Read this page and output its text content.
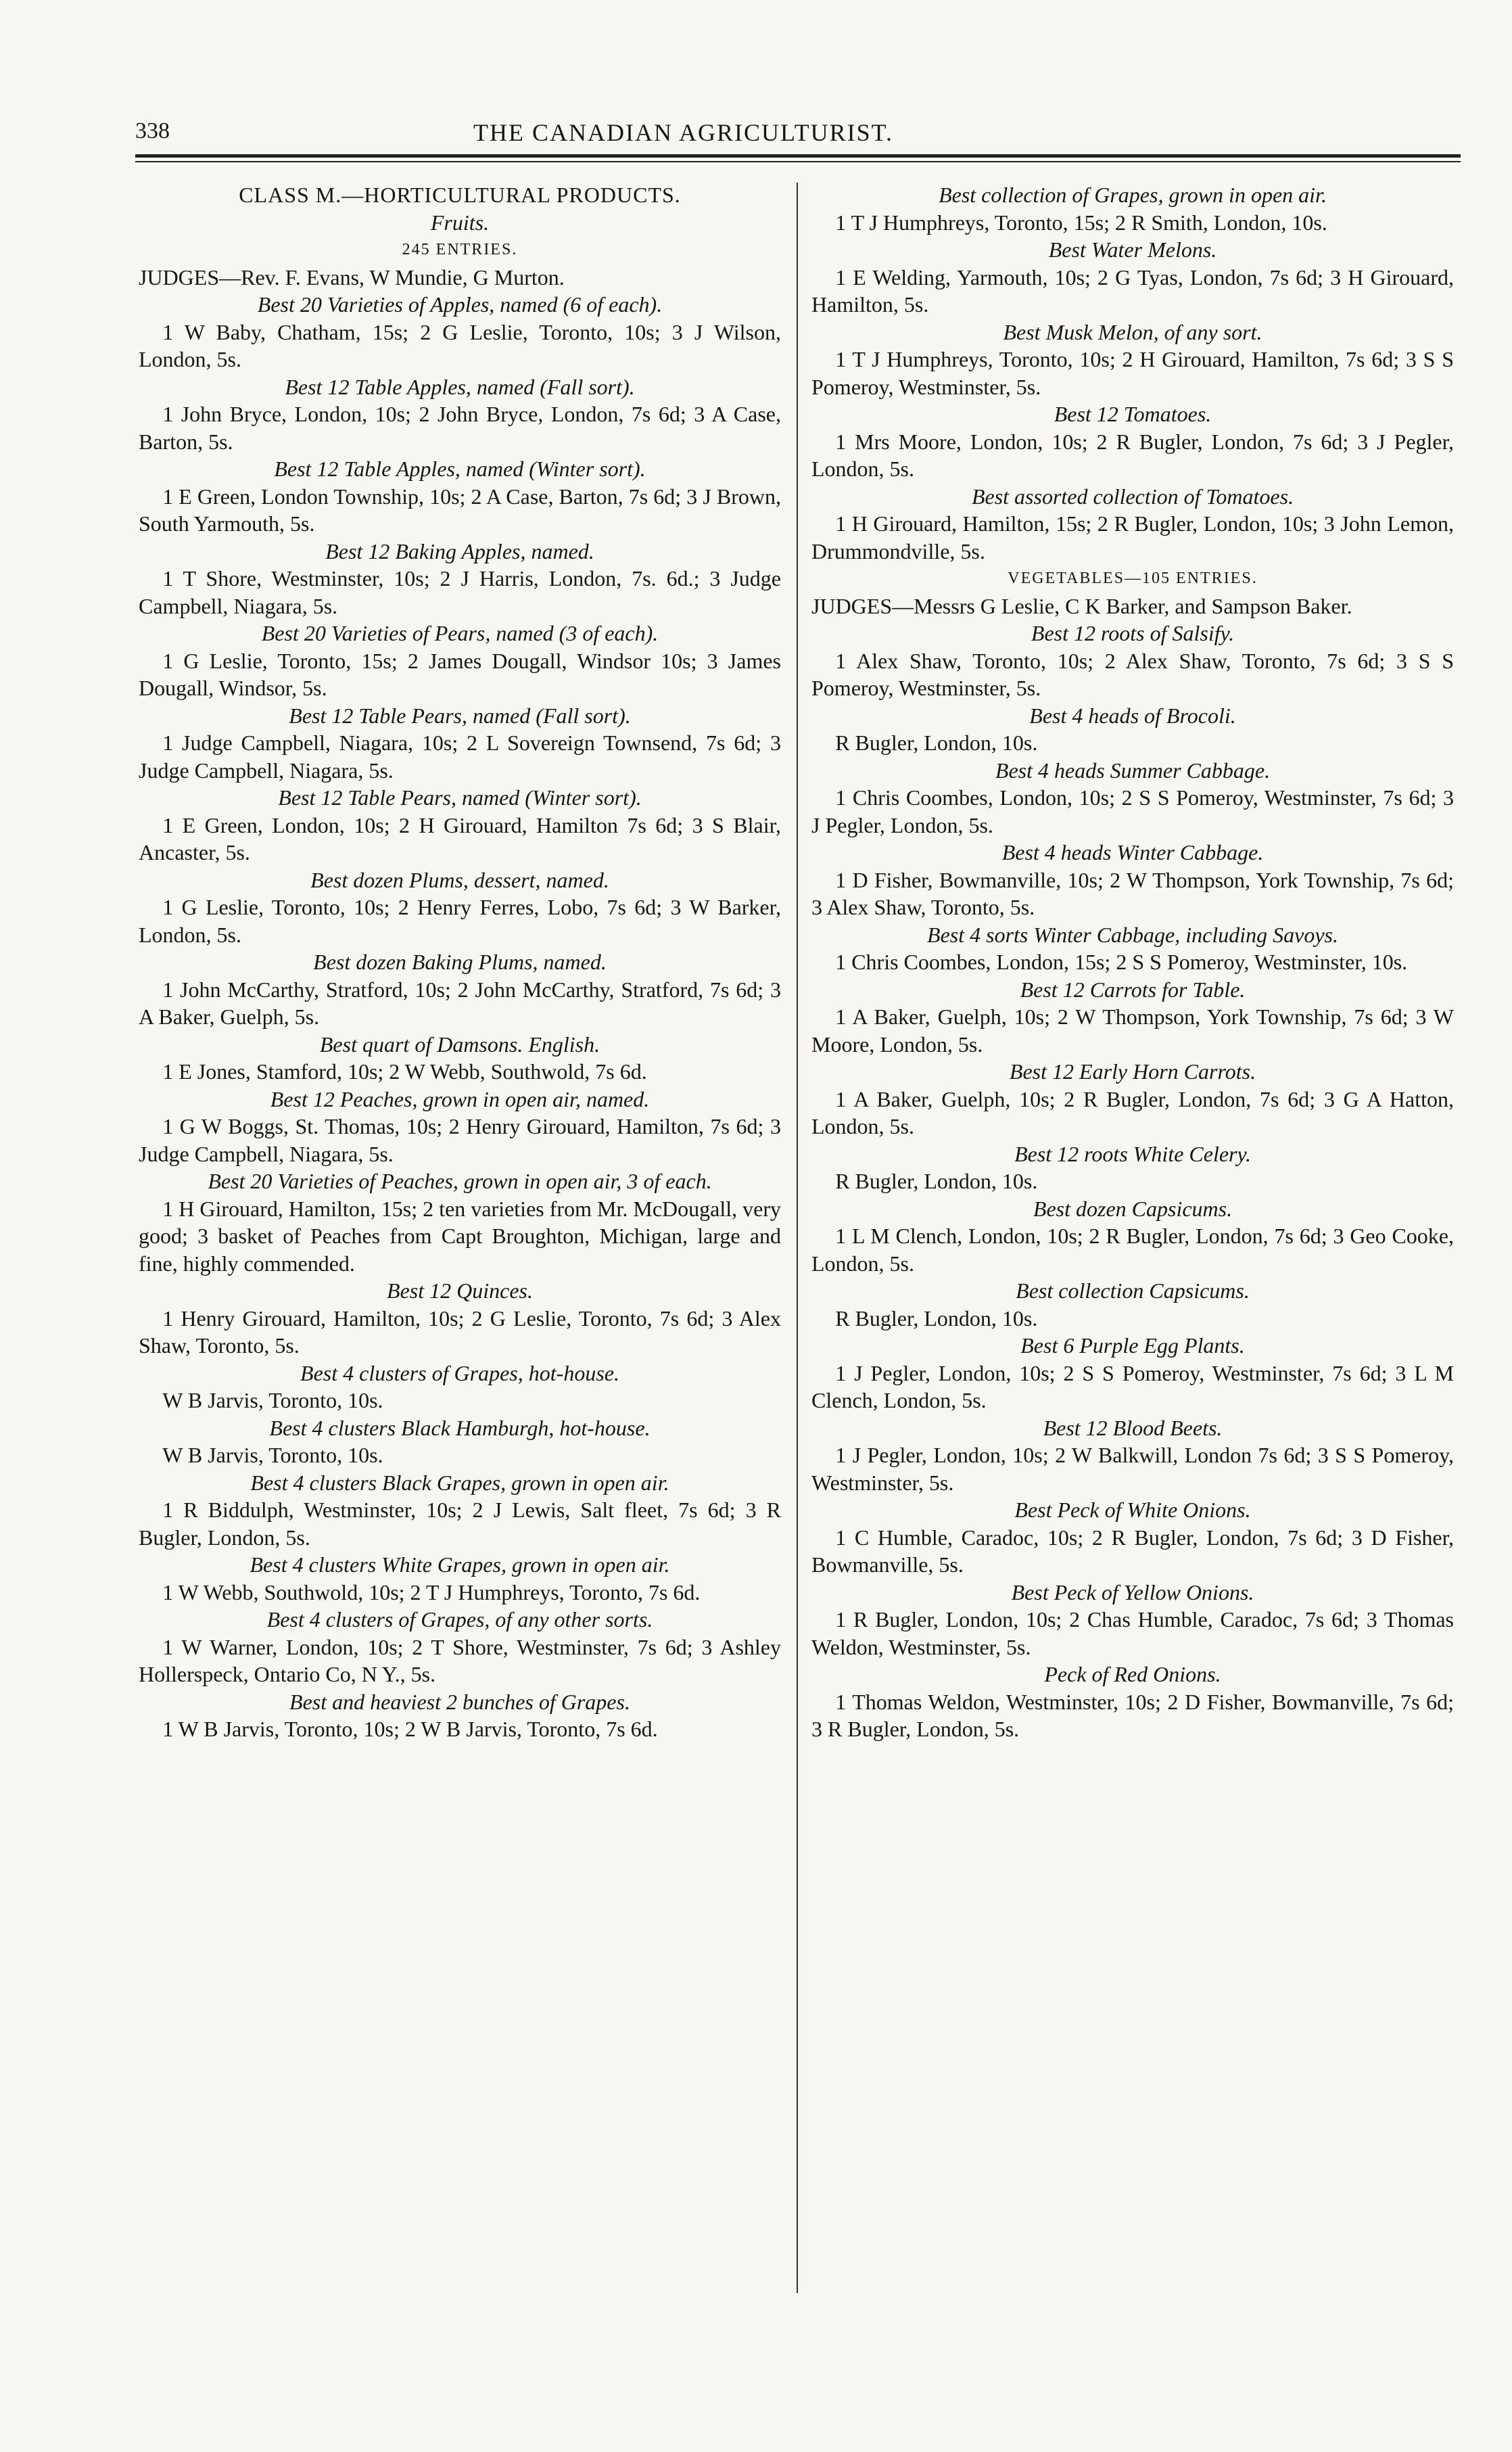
338	THE CANADIAN AGRICULTURIST.
CLASS M.—HORTICULTURAL PRODUCTS.
Fruits.
245 ENTRIES.
JUDGES—Rev. F. Evans, W Mundie, G Murton.
Best 20 Varieties of Apples, named (6 of each).
1 W Baby, Chatham, 15s; 2 G Leslie, Toronto, 10s; 3 J Wilson, London, 5s.
Best 12 Table Apples, named (Fall sort).
1 John Bryce, London, 10s; 2 John Bryce, London, 7s 6d; 3 A Case, Barton, 5s.
Best 12 Table Apples, named (Winter sort).
1 E Green, London Township, 10s; 2 A Case, Barton, 7s 6d; 3 J Brown, South Yarmouth, 5s.
Best 12 Baking Apples, named.
1 T Shore, Westminster, 10s; 2 J Harris, London, 7s. 6d.; 3 Judge Campbell, Niagara, 5s.
Best 20 Varieties of Pears, named (3 of each).
1 G Leslie, Toronto, 15s; 2 James Dougall, Windsor 10s; 3 James Dougall, Windsor, 5s.
Best 12 Table Pears, named (Fall sort).
1 Judge Campbell, Niagara, 10s; 2 L Sovereign Townsend, 7s 6d; 3 Judge Campbell, Niagara, 5s.
Best 12 Table Pears, named (Winter sort).
1 E Green, London, 10s; 2 H Girouard, Hamilton 7s 6d; 3 S Blair, Ancaster, 5s.
Best dozen Plums, dessert, named.
1 G Leslie, Toronto, 10s; 2 Henry Ferres, Lobo, 7s 6d; 3 W Barker, London, 5s.
Best dozen Baking Plums, named.
1 John McCarthy, Stratford, 10s; 2 John McCarthy, Stratford, 7s 6d; 3 A Baker, Guelph, 5s.
Best quart of Damsons. English.
1 E Jones, Stamford, 10s; 2 W Webb, Southwold, 7s 6d.
Best 12 Peaches, grown in open air, named.
1 G W Boggs, St. Thomas, 10s; 2 Henry Girouard, Hamilton, 7s 6d; 3 Judge Campbell, Niagara, 5s.
Best 20 Varieties of Peaches, grown in open air, 3 of each.
1 H Girouard, Hamilton, 15s; 2 ten varieties from Mr. McDougall, very good; 3 basket of Peaches from Capt Broughton, Michigan, large and fine, highly commended.
Best 12 Quinces.
1 Henry Girouard, Hamilton, 10s; 2 G Leslie, Toronto, 7s 6d; 3 Alex Shaw, Toronto, 5s.
Best 4 clusters of Grapes, hot-house.
W B Jarvis, Toronto, 10s.
Best 4 clusters Black Hamburgh, hot-house.
W B Jarvis, Toronto, 10s.
Best 4 clusters Black Grapes, grown in open air.
1 R Biddulph, Westminster, 10s; 2 J Lewis, Salt fleet, 7s 6d; 3 R Bugler, London, 5s.
Best 4 clusters White Grapes, grown in open air.
1 W Webb, Southwold, 10s; 2 T J Humphreys, Toronto, 7s 6d.
Best 4 clusters of Grapes, of any other sorts.
1 W Warner, London, 10s; 2 T Shore, Westminster, 7s 6d; 3 Ashley Hollerspeck, Ontario Co, N Y., 5s.
Best and heaviest 2 bunches of Grapes.
1 W B Jarvis, Toronto, 10s; 2 W B Jarvis, Toronto, 7s 6d.
Best collection of Grapes, grown in open air.
1 T J Humphreys, Toronto, 15s; 2 R Smith, London, 10s.
Best Water Melons.
1 E Welding, Yarmouth, 10s; 2 G Tyas, London, 7s 6d; 3 H Girouard, Hamilton, 5s.
Best Musk Melon, of any sort.
1 T J Humphreys, Toronto, 10s; 2 H Girouard, Hamilton, 7s 6d; 3 S S Pomeroy, Westminster, 5s.
Best 12 Tomatoes.
1 Mrs Moore, London, 10s; 2 R Bugler, London, 7s 6d; 3 J Pegler, London, 5s.
Best assorted collection of Tomatoes.
1 H Girouard, Hamilton, 15s; 2 R Bugler, London, 10s; 3 John Lemon, Drummondville, 5s.
VEGETABLES—105 ENTRIES.
JUDGES—Messrs G Leslie, C K Barker, and Sampson Baker.
Best 12 roots of Salsify.
1 Alex Shaw, Toronto, 10s; 2 Alex Shaw, Toronto, 7s 6d; 3 S S Pomeroy, Westminster, 5s.
Best 4 heads of Brocoli.
R Bugler, London, 10s.
Best 4 heads Summer Cabbage.
1 Chris Coombes, London, 10s; 2 S S Pomeroy, Westminster, 7s 6d; 3 J Pegler, London, 5s.
Best 4 heads Winter Cabbage.
1 D Fisher, Bowmanville, 10s; 2 W Thompson, York Township, 7s 6d; 3 Alex Shaw, Toronto, 5s.
Best 4 sorts Winter Cabbage, including Savoys.
1 Chris Coombes, London, 15s; 2 S S Pomeroy, Westminster, 10s.
Best 12 Carrots for Table.
1 A Baker, Guelph, 10s; 2 W Thompson, York Township, 7s 6d; 3 W Moore, London, 5s.
Best 12 Early Horn Carrots.
1 A Baker, Guelph, 10s; 2 R Bugler, London, 7s 6d; 3 G A Hatton, London, 5s.
Best 12 roots White Celery.
R Bugler, London, 10s.
Best dozen Capsicums.
1 L M Clench, London, 10s; 2 R Bugler, London, 7s 6d; 3 Geo Cooke, London, 5s.
Best collection Capsicums.
R Bugler, London, 10s.
Best 6 Purple Egg Plants.
1 J Pegler, London, 10s; 2 S S Pomeroy, Westminster, 7s 6d; 3 L M Clench, London, 5s.
Best 12 Blood Beets.
1 J Pegler, London, 10s; 2 W Balkwill, London 7s 6d; 3 S S Pomeroy, Westminster, 5s.
Best Peck of White Onions.
1 C Humble, Caradoc, 10s; 2 R Bugler, London, 7s 6d; 3 D Fisher, Bowmanville, 5s.
Best Peck of Yellow Onions.
1 R Bugler, London, 10s; 2 Chas Humble, Caradoc, 7s 6d; 3 Thomas Weldon, Westminster, 5s.
Peck of Red Onions.
1 Thomas Weldon, Westminster, 10s; 2 D Fisher, Bowmanville, 7s 6d; 3 R Bugler, London, 5s.
